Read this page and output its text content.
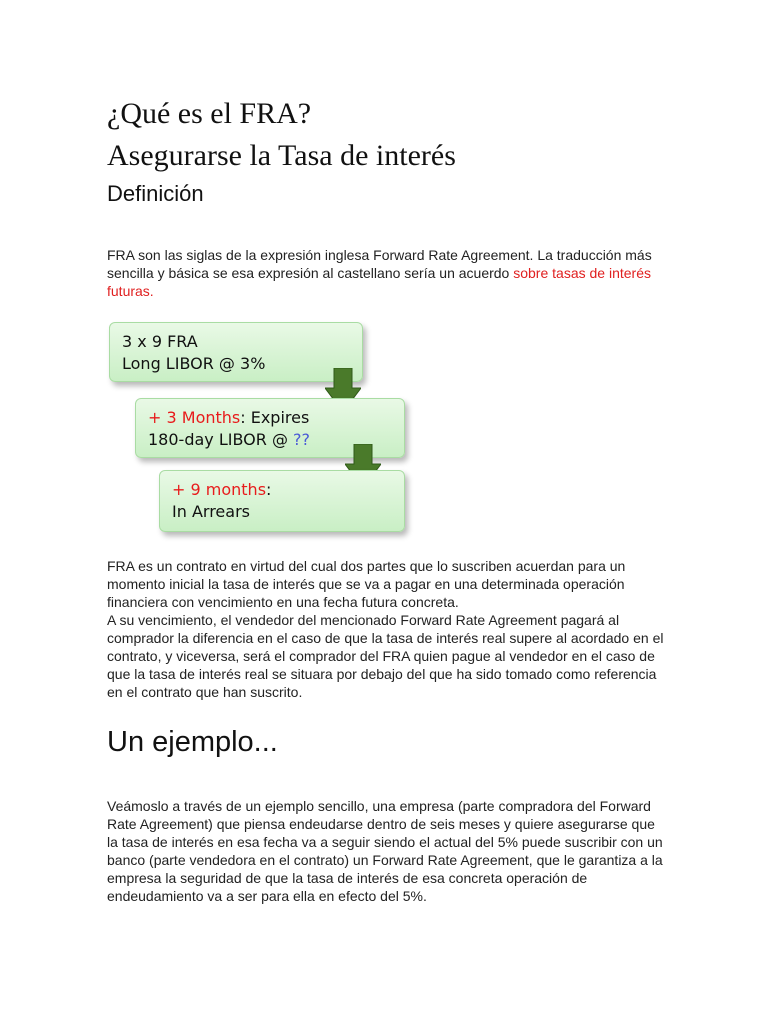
¿Qué es el FRA?
Asegurarse la Tasa de interés
Definición

FRA son las siglas de la expresión inglesa Forward Rate Agreement. La traducción más sencilla y básica se esa expresión al castellano sería un acuerdo sobre tasas de interés futuras.

3 x 9 FRA
Long LIBOR @ 3%
+ 3 Months: Expires
180-day LIBOR @ ??
+ 9 months:
In Arrears

FRA es un contrato en virtud del cual dos partes que lo suscriben acuerdan para un momento inicial la tasa de interés que se va a pagar en una determinada operación financiera con vencimiento en una fecha futura concreta.

A su vencimiento, el vendedor del mencionado Forward Rate Agreement pagará al comprador la diferencia en el caso de que la tasa de interés real supere al acordado en el contrato, y viceversa, será el comprador del FRA quien pague al vendedor en el caso de que la tasa de interés real se situara por debajo del que ha sido tomado como referencia en el contrato que han suscrito.

Un ejemplo...

Veámoslo a través de un ejemplo sencillo, una empresa (parte compradora del Forward Rate Agreement) que piensa endeudarse dentro de seis meses y quiere asegurarse que la tasa de interés en esa fecha va a seguir siendo el actual del 5% puede suscribir con un banco (parte vendedora en el contrato) un Forward Rate Agreement, que le garantiza a la empresa la seguridad de que la tasa de interés de esa concreta operación de endeudamiento va a ser para ella en efecto del 5%.
